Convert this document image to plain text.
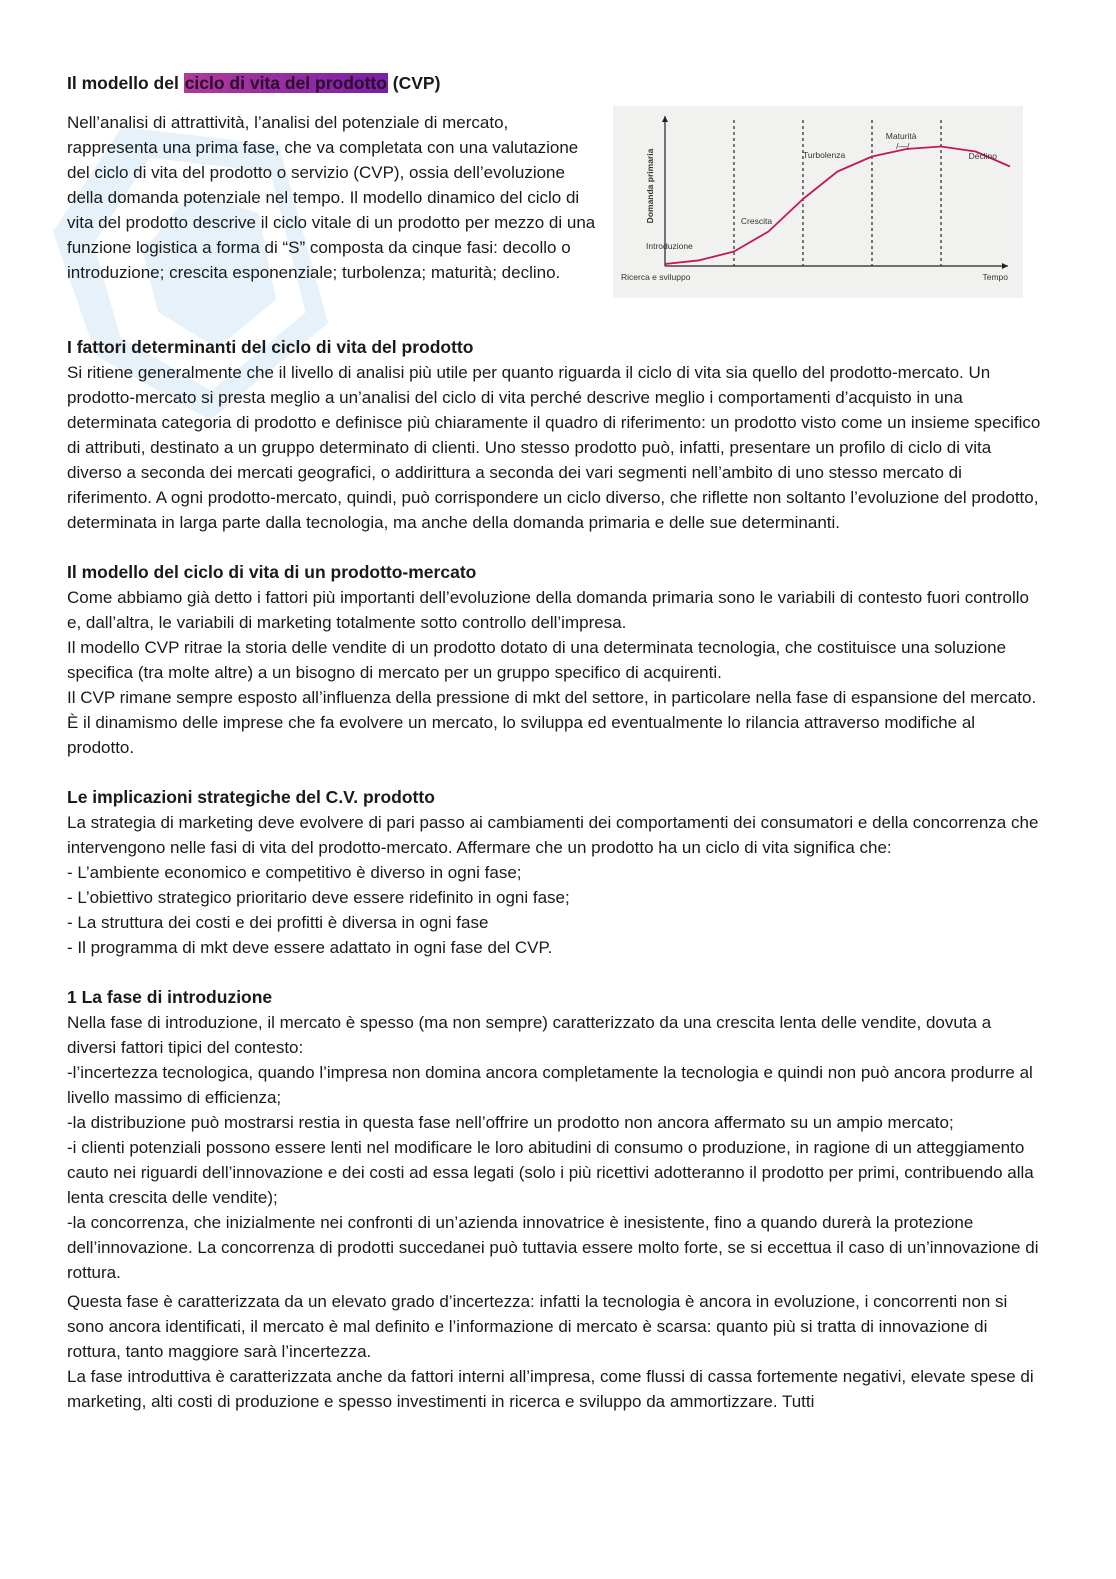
Il modello del ciclo di vita del prodotto (CVP)

Nell’analisi di attrattività, l’analisi del potenziale di mercato, rappresenta una prima fase, che va completata con una valutazione del ciclo di vita del prodotto o servizio (CVP), ossia dell’evoluzione della domanda potenziale nel tempo. Il modello dinamico del ciclo di vita del prodotto descrive il ciclo vitale di un prodotto per mezzo di una funzione logistica a forma di “S” composta da cinque fasi: decollo o introduzione; crescita esponenziale; turbolenza; maturità; declino.

Introduzione
Crescita
Turbolenza
Maturità
Declino
/—/
Domanda primaria
Ricerca e sviluppo	Tempo
I fattori determinanti del ciclo di vita del prodotto

Si ritiene generalmente che il livello di analisi più utile per quanto riguarda il ciclo di vita sia quello del prodotto-mercato. Un prodotto-mercato si presta meglio a un’analisi del ciclo di vita perché descrive meglio i comportamenti d’acquisto in una determinata categoria di prodotto e definisce più chiaramente il quadro di riferimento: un prodotto visto come un insieme specifico di attributi, destinato a un gruppo determinato di clienti. Uno stesso prodotto può, infatti, presentare un profilo di ciclo di vita diverso a seconda dei mercati geografici, o addirittura a seconda dei vari segmenti nell’ambito di uno stesso mercato di riferimento. A ogni prodotto-mercato, quindi, può corrispondere un ciclo diverso, che riflette non soltanto l’evoluzione del prodotto, determinata in larga parte dalla tecnologia, ma anche della domanda primaria e delle sue determinanti.

Il modello del ciclo di vita di un prodotto-mercato

Come abbiamo già detto i fattori più importanti dell’evoluzione della domanda primaria sono le variabili di contesto fuori controllo e, dall’altra, le variabili di marketing totalmente sotto controllo dell’impresa.

Il modello CVP ritrae la storia delle vendite di un prodotto dotato di una determinata tecnologia, che costituisce una soluzione specifica (tra molte altre) a un bisogno di mercato per un gruppo specifico di acquirenti.

Il CVP rimane sempre esposto all’influenza della pressione di mkt del settore, in particolare nella fase di espansione del mercato. È il dinamismo delle imprese che fa evolvere un mercato, lo sviluppa ed eventualmente lo rilancia attraverso modifiche al prodotto.

Le implicazioni strategiche del C.V. prodotto

La strategia di marketing deve evolvere di pari passo ai cambiamenti dei comportamenti dei consumatori e della concorrenza che intervengono nelle fasi di vita del prodotto-mercato. Affermare che un prodotto ha un ciclo di vita significa che:

- L’ambiente economico e competitivo è diverso in ogni fase;

- L’obiettivo strategico prioritario deve essere ridefinito in ogni fase;

- La struttura dei costi e dei profitti è diversa in ogni fase

- Il programma di mkt deve essere adattato in ogni fase del CVP.

1 La fase di introduzione

Nella fase di introduzione, il mercato è spesso (ma non sempre) caratterizzato da una crescita lenta delle vendite, dovuta a diversi fattori tipici del contesto:

-l’incertezza tecnologica, quando l’impresa non domina ancora completamente la tecnologia e quindi non può ancora produrre al livello massimo di efficienza;

-la distribuzione può mostrarsi restia in questa fase nell’offrire un prodotto non ancora affermato su un ampio mercato;

-i clienti potenziali possono essere lenti nel modificare le loro abitudini di consumo o produzione, in ragione di un atteggiamento cauto nei riguardi dell’innovazione e dei costi ad essa legati (solo i più ricettivi adotteranno il prodotto per primi, contribuendo alla lenta crescita delle vendite);

-la concorrenza, che inizialmente nei confronti di un’azienda innovatrice è inesistente, fino a quando durerà la protezione dell’innovazione. La concorrenza di prodotti succedanei può tuttavia essere molto forte, se si eccettua il caso di un’innovazione di rottura.

Questa fase è caratterizzata da un elevato grado d’incertezza: infatti la tecnologia è ancora in evoluzione, i concorrenti non si sono ancora identificati, il mercato è mal definito e l’informazione di mercato è scarsa: quanto più si tratta di innovazione di rottura, tanto maggiore sarà l’incertezza.

La fase introduttiva è caratterizzata anche da fattori interni all’impresa, come flussi di cassa fortemente negativi, elevate spese di marketing, alti costi di produzione e spesso investimenti in ricerca e sviluppo da ammortizzare. Tutti
